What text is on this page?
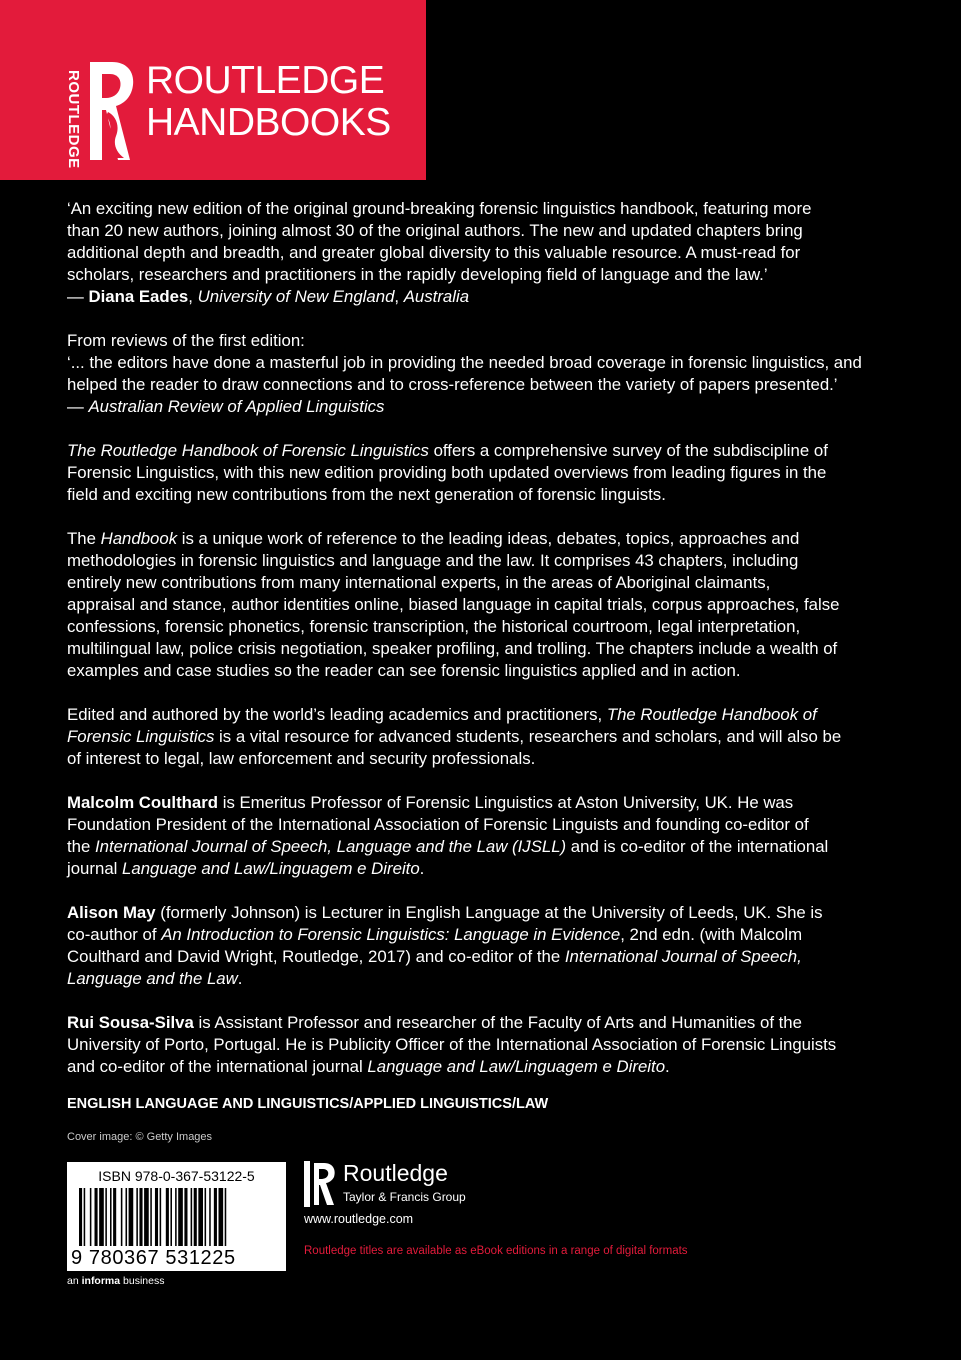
ROUTLEDGE ROUTLEDGE
HANDBOOKS

‘An exciting new edition of the original ground-breaking forensic linguistics handbook, featuring more
than 20 new authors, joining almost 30 of the original authors. The new and updated chapters bring
additional depth and breadth, and greater global diversity to this valuable resource. A must-read for
scholars, researchers and practitioners in the rapidly developing field of language and the law.’
— Diana Eades, University of New England, Australia

From reviews of the first edition:
‘... the editors have done a masterful job in providing the needed broad coverage in forensic linguistics, and
helped the reader to draw connections and to cross-reference between the variety of papers presented.’
— Australian Review of Applied Linguistics

The Routledge Handbook of Forensic Linguistics offers a comprehensive survey of the subdiscipline of
Forensic Linguistics, with this new edition providing both updated overviews from leading figures in the
field and exciting new contributions from the next generation of forensic linguists.

The Handbook is a unique work of reference to the leading ideas, debates, topics, approaches and
methodologies in forensic linguistics and language and the law. It comprises 43 chapters, including
entirely new contributions from many international experts, in the areas of Aboriginal claimants,
appraisal and stance, author identities online, biased language in capital trials, corpus approaches, false
confessions, forensic phonetics, forensic transcription, the historical courtroom, legal interpretation,
multilingual law, police crisis negotiation, speaker profiling, and trolling. The chapters include a wealth of
examples and case studies so the reader can see forensic linguistics applied and in action.

Edited and authored by the world’s leading academics and practitioners, The Routledge Handbook of
Forensic Linguistics is a vital resource for advanced students, researchers and scholars, and will also be
of interest to legal, law enforcement and security professionals.

Malcolm Coulthard is Emeritus Professor of Forensic Linguistics at Aston University, UK. He was
Foundation President of the International Association of Forensic Linguists and founding co-editor of
the International Journal of Speech, Language and the Law (IJSLL) and is co-editor of the international
journal Language and Law/Linguagem e Direito.

Alison May (formerly Johnson) is Lecturer in English Language at the University of Leeds, UK. She is
co-author of An Introduction to Forensic Linguistics: Language in Evidence, 2nd edn. (with Malcolm
Coulthard and David Wright, Routledge, 2017) and co-editor of the International Journal of Speech,
Language and the Law.

Rui Sousa-Silva is Assistant Professor and researcher of the Faculty of Arts and Humanities of the
University of Porto, Portugal. He is Publicity Officer of the International Association of Forensic Linguists
and co-editor of the international journal Language and Law/Linguagem e Direito.

ENGLISH LANGUAGE AND LINGUISTICS/APPLIED LINGUISTICS/LAW
Cover image: © Getty Images
ISBN 978-0-367-53122-5
9 780367 531225
an informa business
Routledge
Taylor & Francis Group
www.routledge.com
Routledge titles are available as eBook editions in a range of digital formats
